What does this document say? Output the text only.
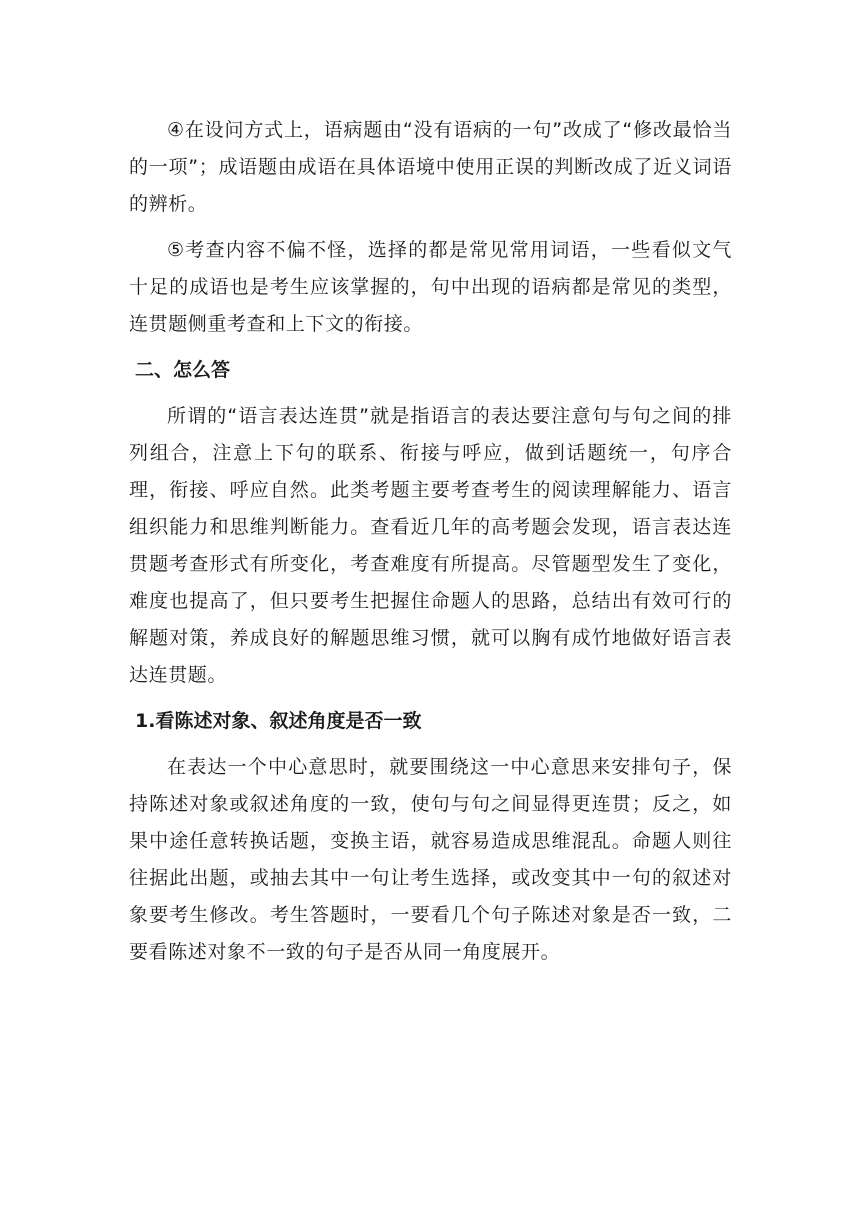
④在设问方式上，语病题由“没有语病的一句”改成了“修改最恰当的一项”；成语题由成语在具体语境中使用正误的判断改成了近义词语的辨析。

⑤考查内容不偏不怪，选择的都是常见常用词语，一些看似文气十足的成语也是考生应该掌握的，句中出现的语病都是常见的类型，连贯题侧重考查和上下文的衔接。

二、怎么答

所谓的“语言表达连贯”就是指语言的表达要注意句与句之间的排列组合，注意上下句的联系、衔接与呼应，做到话题统一，句序合理，衔接、呼应自然。此类考题主要考查考生的阅读理解能力、语言组织能力和思维判断能力。查看近几年的高考题会发现，语言表达连贯题考查形式有所变化，考查难度有所提高。尽管题型发生了变化，难度也提高了，但只要考生把握住命题人的思路，总结出有效可行的解题对策，养成良好的解题思维习惯，就可以胸有成竹地做好语言表达连贯题。

1.看陈述对象、叙述角度是否一致

在表达一个中心意思时，就要围绕这一中心意思来安排句子，保持陈述对象或叙述角度的一致，使句与句之间显得更连贯；反之，如果中途任意转换话题，变换主语，就容易造成思维混乱。命题人则往往据此出题，或抽去其中一句让考生选择，或改变其中一句的叙述对象要考生修改。考生答题时，一要看几个句子陈述对象是否一致，二要看陈述对象不一致的句子是否从同一角度展开。
